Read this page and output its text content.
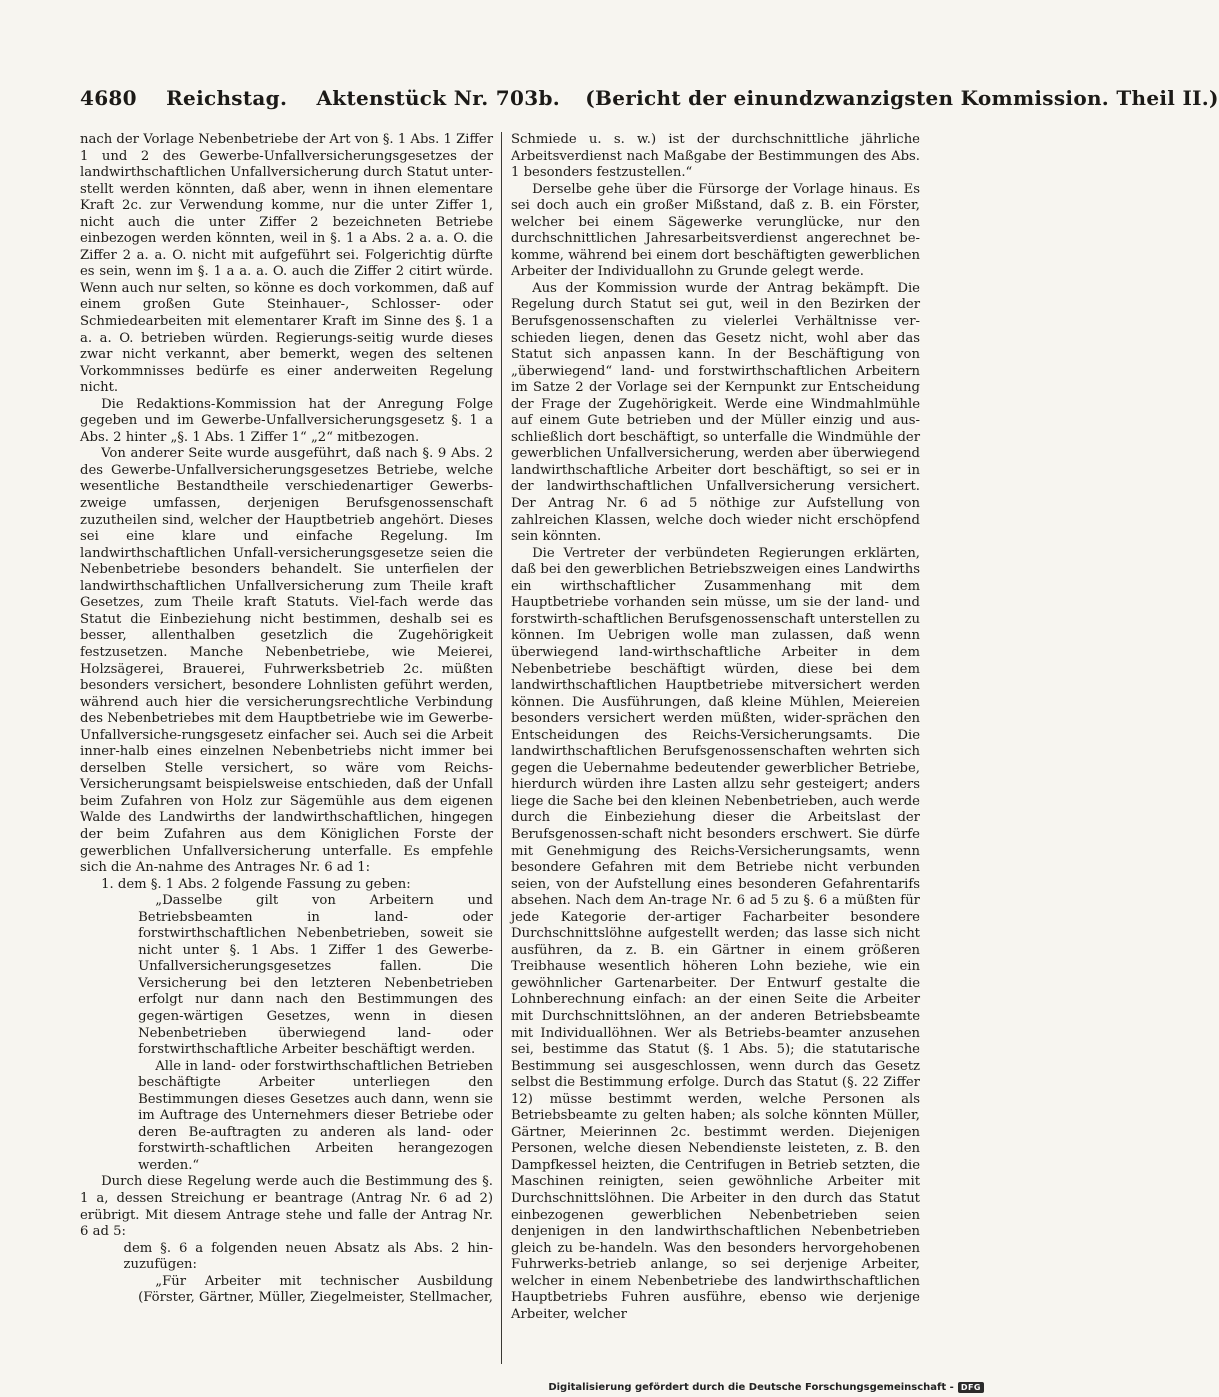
4680 Reichstag. Aktenstück Nr. 703b. (Bericht der einundzwanzigsten Kommission. Theil II.)

nach der Vorlage Nebenbetriebe der Art von §. 1 Abs. 1 Ziffer 1 und 2 des Gewerbe-Unfallversicherungsgesetzes der landwirthschaftlichen Unfallversicherung durch Statut unter-stellt werden könnten, daß aber, wenn in ihnen elementare Kraft 2c. zur Verwendung komme, nur die unter Ziffer 1, nicht auch die unter Ziffer 2 bezeichneten Betriebe einbezogen werden könnten, weil in §. 1 a Abs. 2 a. a. O. die Ziffer 2 a. a. O. nicht mit aufgeführt sei. Folgerichtig dürfte es sein, wenn im §. 1 a a. a. O. auch die Ziffer 2 citirt würde. Wenn auch nur selten, so könne es doch vorkommen, daß auf einem großen Gute Steinhauer-, Schlosser- oder Schmiedearbeiten mit elementarer Kraft im Sinne des §. 1 a a. a. O. betrieben würden. Regierungs-seitig wurde dieses zwar nicht verkannt, aber bemerkt, wegen des seltenen Vorkommnisses bedürfe es einer anderweiten Regelung nicht.

Die Redaktions-Kommission hat der Anregung Folge gegeben und im Gewerbe-Unfallversicherungsgesetz §. 1 a Abs. 2 hinter „§. 1 Abs. 1 Ziffer 1“ „2“ mitbezogen.

Von anderer Seite wurde ausgeführt, daß nach §. 9 Abs. 2 des Gewerbe-Unfallversicherungsgesetzes Betriebe, welche wesentliche Bestandtheile verschiedenartiger Gewerbs-zweige umfassen, derjenigen Berufsgenossenschaft zuzutheilen sind, welcher der Hauptbetrieb angehört. Dieses sei eine klare und einfache Regelung. Im landwirthschaftlichen Unfall-versicherungsgesetze seien die Nebenbetriebe besonders behandelt. Sie unterfielen der landwirthschaftlichen Unfallversicherung zum Theile kraft Gesetzes, zum Theile kraft Statuts. Viel-fach werde das Statut die Einbeziehung nicht bestimmen, deshalb sei es besser, allenthalben gesetzlich die Zugehörigkeit festzusetzen. Manche Nebenbetriebe, wie Meierei, Holzsägerei, Brauerei, Fuhrwerksbetrieb 2c. müßten besonders versichert, besondere Lohnlisten geführt werden, während auch hier die versicherungsrechtliche Verbindung des Nebenbetriebes mit dem Hauptbetriebe wie im Gewerbe-Unfallversiche-rungsgesetz einfacher sei. Auch sei die Arbeit inner-halb eines einzelnen Nebenbetriebs nicht immer bei derselben Stelle versichert, so wäre vom Reichs-Versicherungsamt beispielsweise entschieden, daß der Unfall beim Zufahren von Holz zur Sägemühle aus dem eigenen Walde des Landwirths der landwirthschaftlichen, hingegen der beim Zufahren aus dem Königlichen Forste der gewerblichen Unfallversicherung unterfalle. Es empfehle sich die An-nahme des Antrages Nr. 6 ad 1:

1. dem §. 1 Abs. 2 folgende Fassung zu geben:

„Dasselbe gilt von Arbeitern und Betriebsbeamten in land- oder forstwirthschaftlichen Nebenbetrieben, soweit sie nicht unter §. 1 Abs. 1 Ziffer 1 des Gewerbe-Unfallversicherungsgesetzes fallen. Die Versicherung bei den letzteren Nebenbetrieben erfolgt nur dann nach den Bestimmungen des gegen-wärtigen Gesetzes, wenn in diesen Nebenbetrieben überwiegend land- oder forstwirthschaftliche Arbeiter beschäftigt werden.

Alle in land- oder forstwirthschaftlichen Betrieben beschäftigte Arbeiter unterliegen den Bestimmungen dieses Gesetzes auch dann, wenn sie im Auftrage des Unternehmers dieser Betriebe oder deren Be-auftragten zu anderen als land- oder forstwirth-schaftlichen Arbeiten herangezogen werden.“

Durch diese Regelung werde auch die Bestimmung des §. 1 a, dessen Streichung er beantrage (Antrag Nr. 6 ad 2) erübrigt. Mit diesem Antrage stehe und falle der Antrag Nr. 6 ad 5:

dem §. 6 a folgenden neuen Absatz als Abs. 2 hin-zuzufügen:

„Für Arbeiter mit technischer Ausbildung (Förster, Gärtner, Müller, Ziegelmeister, Stellmacher,

Schmiede u. s. w.) ist der durchschnittliche jährliche Arbeitsverdienst nach Maßgabe der Bestimmungen des Abs. 1 besonders festzustellen.“

Derselbe gehe über die Fürsorge der Vorlage hinaus. Es sei doch auch ein großer Mißstand, daß z. B. ein Förster, welcher bei einem Sägewerke verunglücke, nur den durchschnittlichen Jahresarbeitsverdienst angerechnet be-komme, während bei einem dort beschäftigten gewerblichen Arbeiter der Individuallohn zu Grunde gelegt werde.

Aus der Kommission wurde der Antrag bekämpft. Die Regelung durch Statut sei gut, weil in den Bezirken der Berufsgenossenschaften zu vielerlei Verhältnisse ver-schieden liegen, denen das Gesetz nicht, wohl aber das Statut sich anpassen kann. In der Beschäftigung von „überwiegend“ land- und forstwirthschaftlichen Arbeitern im Satze 2 der Vorlage sei der Kernpunkt zur Entscheidung der Frage der Zugehörigkeit. Werde eine Windmahlmühle auf einem Gute betrieben und der Müller einzig und aus-schließlich dort beschäftigt, so unterfalle die Windmühle der gewerblichen Unfallversicherung, werden aber überwiegend landwirthschaftliche Arbeiter dort beschäftigt, so sei er in der landwirthschaftlichen Unfallversicherung versichert. Der Antrag Nr. 6 ad 5 nöthige zur Aufstellung von zahlreichen Klassen, welche doch wieder nicht erschöpfend sein könnten.

Die Vertreter der verbündeten Regierungen erklärten, daß bei den gewerblichen Betriebszweigen eines Landwirths ein wirthschaftlicher Zusammenhang mit dem Hauptbetriebe vorhanden sein müsse, um sie der land- und forstwirth-schaftlichen Berufsgenossenschaft unterstellen zu können. Im Uebrigen wolle man zulassen, daß wenn überwiegend land-wirthschaftliche Arbeiter in dem Nebenbetriebe beschäftigt würden, diese bei dem landwirthschaftlichen Hauptbetriebe mitversichert werden können. Die Ausführungen, daß kleine Mühlen, Meiereien besonders versichert werden müßten, wider-sprächen den Entscheidungen des Reichs-Versicherungsamts. Die landwirthschaftlichen Berufsgenossenschaften wehrten sich gegen die Uebernahme bedeutender gewerblicher Betriebe, hierdurch würden ihre Lasten allzu sehr gesteigert; anders liege die Sache bei den kleinen Nebenbetrieben, auch werde durch die Einbeziehung dieser die Arbeitslast der Berufsgenossen-schaft nicht besonders erschwert. Sie dürfe mit Genehmigung des Reichs-Versicherungsamts, wenn besondere Gefahren mit dem Betriebe nicht verbunden seien, von der Aufstellung eines besonderen Gefahrentarifs absehen. Nach dem An-trage Nr. 6 ad 5 zu §. 6 a müßten für jede Kategorie der-artiger Facharbeiter besondere Durchschnittslöhne aufgestellt werden; das lasse sich nicht ausführen, da z. B. ein Gärtner in einem größeren Treibhause wesentlich höheren Lohn beziehe, wie ein gewöhnlicher Gartenarbeiter. Der Entwurf gestalte die Lohnberechnung einfach: an der einen Seite die Arbeiter mit Durchschnittslöhnen, an der anderen Betriebsbeamte mit Individuallöhnen. Wer als Betriebs-beamter anzusehen sei, bestimme das Statut (§. 1 Abs. 5); die statutarische Bestimmung sei ausgeschlossen, wenn durch das Gesetz selbst die Bestimmung erfolge. Durch das Statut (§. 22 Ziffer 12) müsse bestimmt werden, welche Personen als Betriebsbeamte zu gelten haben; als solche könnten Müller, Gärtner, Meierinnen 2c. bestimmt werden. Diejenigen Personen, welche diesen Nebendienste leisteten, z. B. den Dampfkessel heizten, die Centrifugen in Betrieb setzten, die Maschinen reinigten, seien gewöhnliche Arbeiter mit Durchschnittslöhnen. Die Arbeiter in den durch das Statut einbezogenen gewerblichen Nebenbetrieben seien denjenigen in den landwirthschaftlichen Nebenbetrieben gleich zu be-handeln. Was den besonders hervorgehobenen Fuhrwerks-betrieb anlange, so sei derjenige Arbeiter, welcher in einem Nebenbetriebe des landwirthschaftlichen Hauptbetriebs Fuhren ausführe, ebenso wie derjenige Arbeiter, welcher

Digitalisierung gefördert durch die Deutsche Forschungsgemeinschaft - DFG
